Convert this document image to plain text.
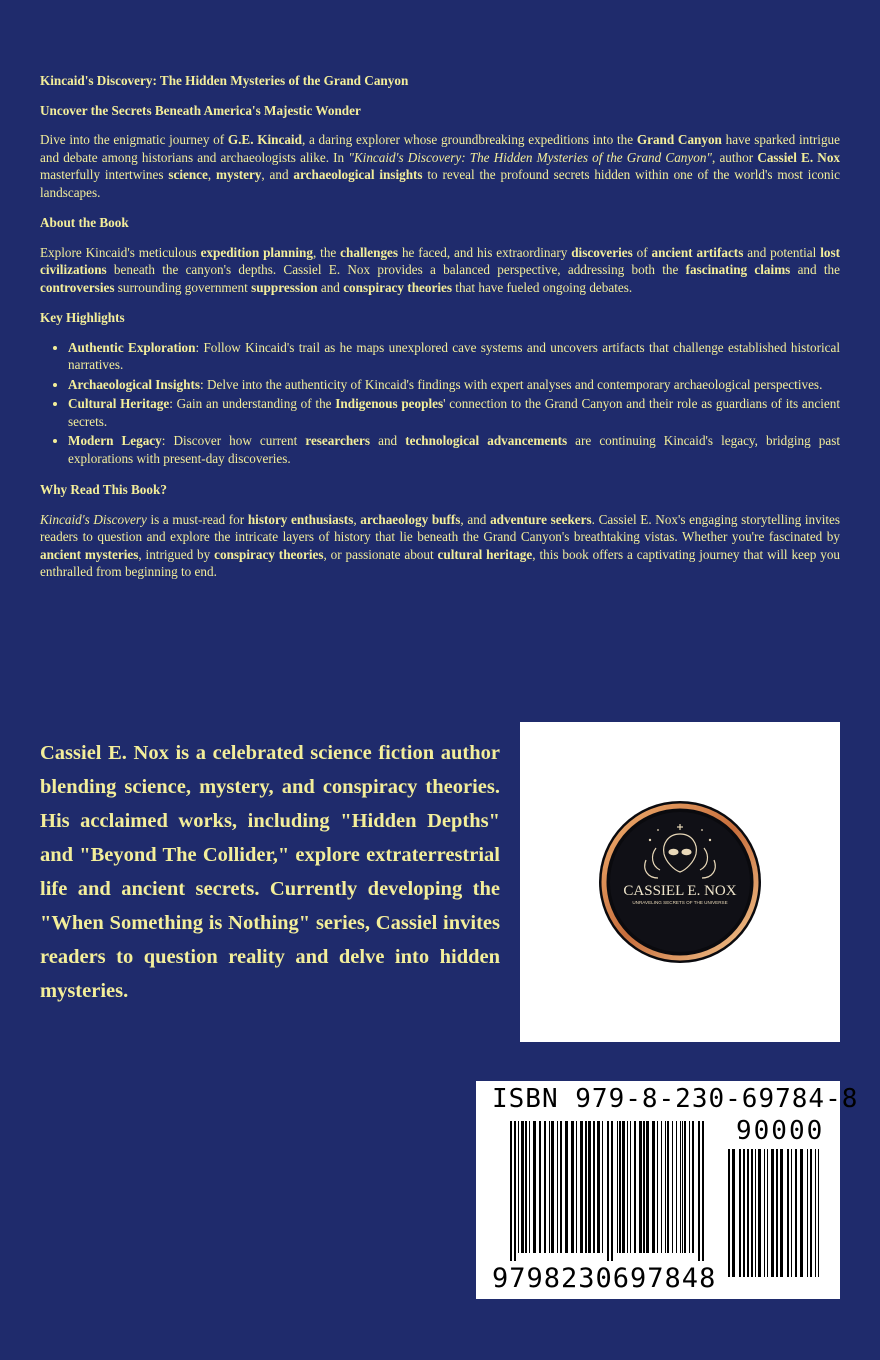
Kincaid's Discovery: The Hidden Mysteries of the Grand Canyon
Uncover the Secrets Beneath America's Majestic Wonder

Dive into the enigmatic journey of G.E. Kincaid, a daring explorer whose groundbreaking expeditions into the Grand Canyon have sparked intrigue and debate among historians and archaeologists alike. In "Kincaid's Discovery: The Hidden Mysteries of the Grand Canyon", author Cassiel E. Nox masterfully intertwines science, mystery, and archaeological insights to reveal the profound secrets hidden within one of the world's most iconic landscapes.

About the Book

Explore Kincaid's meticulous expedition planning, the challenges he faced, and his extraordinary discoveries of ancient artifacts and potential lost civilizations beneath the canyon's depths. Cassiel E. Nox provides a balanced perspective, addressing both the fascinating claims and the controversies surrounding government suppression and conspiracy theories that have fueled ongoing debates.

Key Highlights
• Authentic Exploration: Follow Kincaid's trail as he maps unexplored cave systems and uncovers artifacts that challenge established historical narratives.
• Archaeological Insights: Delve into the authenticity of Kincaid's findings with expert analyses and contemporary archaeological perspectives.
• Cultural Heritage: Gain an understanding of the Indigenous peoples' connection to the Grand Canyon and their role as guardians of its ancient secrets.
• Modern Legacy: Discover how current researchers and technological advancements are continuing Kincaid's legacy, bridging past explorations with present-day discoveries.
Why Read This Book?

Kincaid's Discovery is a must-read for history enthusiasts, archaeology buffs, and adventure seekers. Cassiel E. Nox's engaging storytelling invites readers to question and explore the intricate layers of history that lie beneath the Grand Canyon's breathtaking vistas. Whether you're fascinated by ancient mysteries, intrigued by conspiracy theories, or passionate about cultural heritage, this book offers a captivating journey that will keep you enthralled from beginning to end.

Cassiel E. Nox is a celebrated science fiction author blending science, mystery, and conspiracy theories. His acclaimed works, including "Hidden Depths" and "Beyond The Collider," explore extraterrestrial life and ancient secrets. Currently developing the "When Something is Nothing" series, Cassiel invites readers to question reality and delve into hidden mysteries.

CASSIEL E. NOX
UNRAVELING SECRETS OF THE UNIVERSE
ISBN 979-8-230-69784-8
90000
9798230697848
